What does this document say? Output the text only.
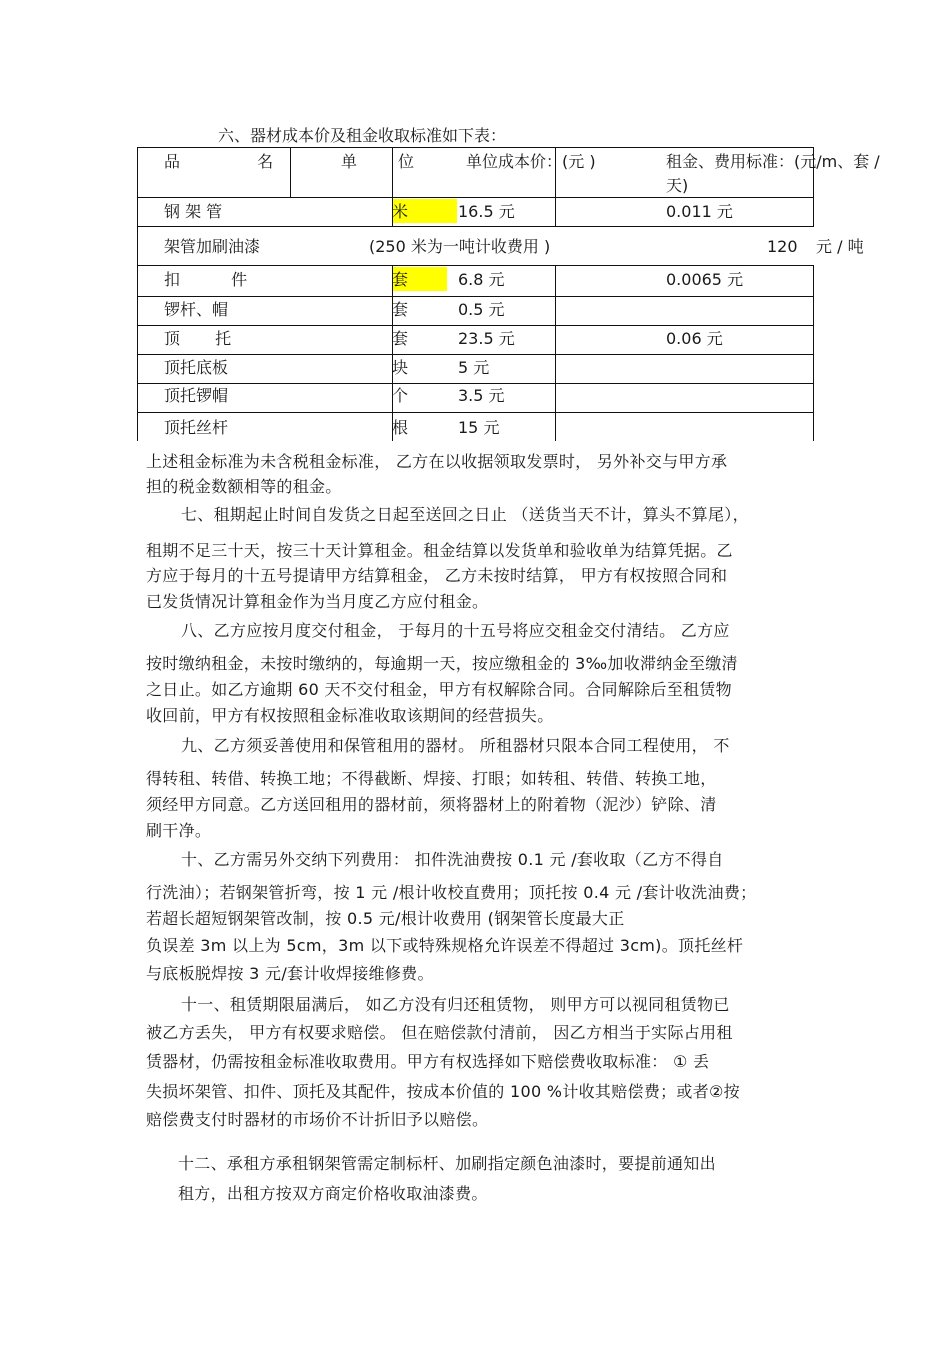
六、器材成本价及租金收取标准如下表：
品 名	单	位	单位成本价：(元 )	租金、费用标准：(元/m、套 /
天)
钢 架 管	米	16.5 元	0.011 元
架管加刷油漆	(250 米为一吨计收费用 )	120 元 / 吨
扣 件	套	6.8 元	0.0065 元
锣杆、帽	套	0.5 元
顶 托	套	23.5 元	0.06 元
顶托底板	块	5 元
顶托锣帽	个	3.5 元
顶托丝杆	根	15 元
上述租金标准为未含税租金标准， 乙方在以收据领取发票时， 另外补交与甲方承
担的税金数额相等的租金。
七、租期起止时间自发货之日起至送回之日止 （送货当天不计，算头不算尾），
租期不足三十天，按三十天计算租金。租金结算以发货单和验收单为结算凭据。乙
方应于每月的十五号提请甲方结算租金， 乙方未按时结算， 甲方有权按照合同和
已发货情况计算租金作为当月度乙方应付租金。
八、乙方应按月度交付租金， 于每月的十五号将应交租金交付清结。 乙方应
按时缴纳租金，未按时缴纳的，每逾期一天，按应缴租金的 3‰加收滞纳金至缴清
之日止。如乙方逾期 60 天不交付租金，甲方有权解除合同。合同解除后至租赁物
收回前，甲方有权按照租金标准收取该期间的经营损失。
九、乙方须妥善使用和保管租用的器材。 所租器材只限本合同工程使用， 不
得转租、转借、转换工地；不得截断、焊接、打眼；如转租、转借、转换工地，
须经甲方同意。乙方送回租用的器材前，须将器材上的附着物（泥沙）铲除、清
刷干净。
十、乙方需另外交纳下列费用： 扣件洗油费按 0.1 元 /套收取（乙方不得自
行洗油）；若钢架管折弯，按 1 元 /根计收校直费用；顶托按 0.4 元 /套计收洗油费；
若超长超短钢架管改制，按 0.5 元/根计收费用 (钢架管长度最大正
负误差 3m 以上为 5cm，3m 以下或特殊规格允许误差不得超过 3cm)。顶托丝杆
与底板脱焊按 3 元/套计收焊接维修费。
十一、租赁期限届满后， 如乙方没有归还租赁物， 则甲方可以视同租赁物已
被乙方丢失， 甲方有权要求赔偿。 但在赔偿款付清前， 因乙方相当于实际占用租
赁器材，仍需按租金标准收取费用。甲方有权选择如下赔偿费收取标准： ① 丢
失损坏架管、扣件、顶托及其配件，按成本价值的 100 %计收其赔偿费；或者②按
赔偿费支付时器材的市场价不计折旧予以赔偿。
十二、承租方承租钢架管需定制标杆、加刷指定颜色油漆时，要提前通知出
租方，出租方按双方商定价格收取油漆费。
